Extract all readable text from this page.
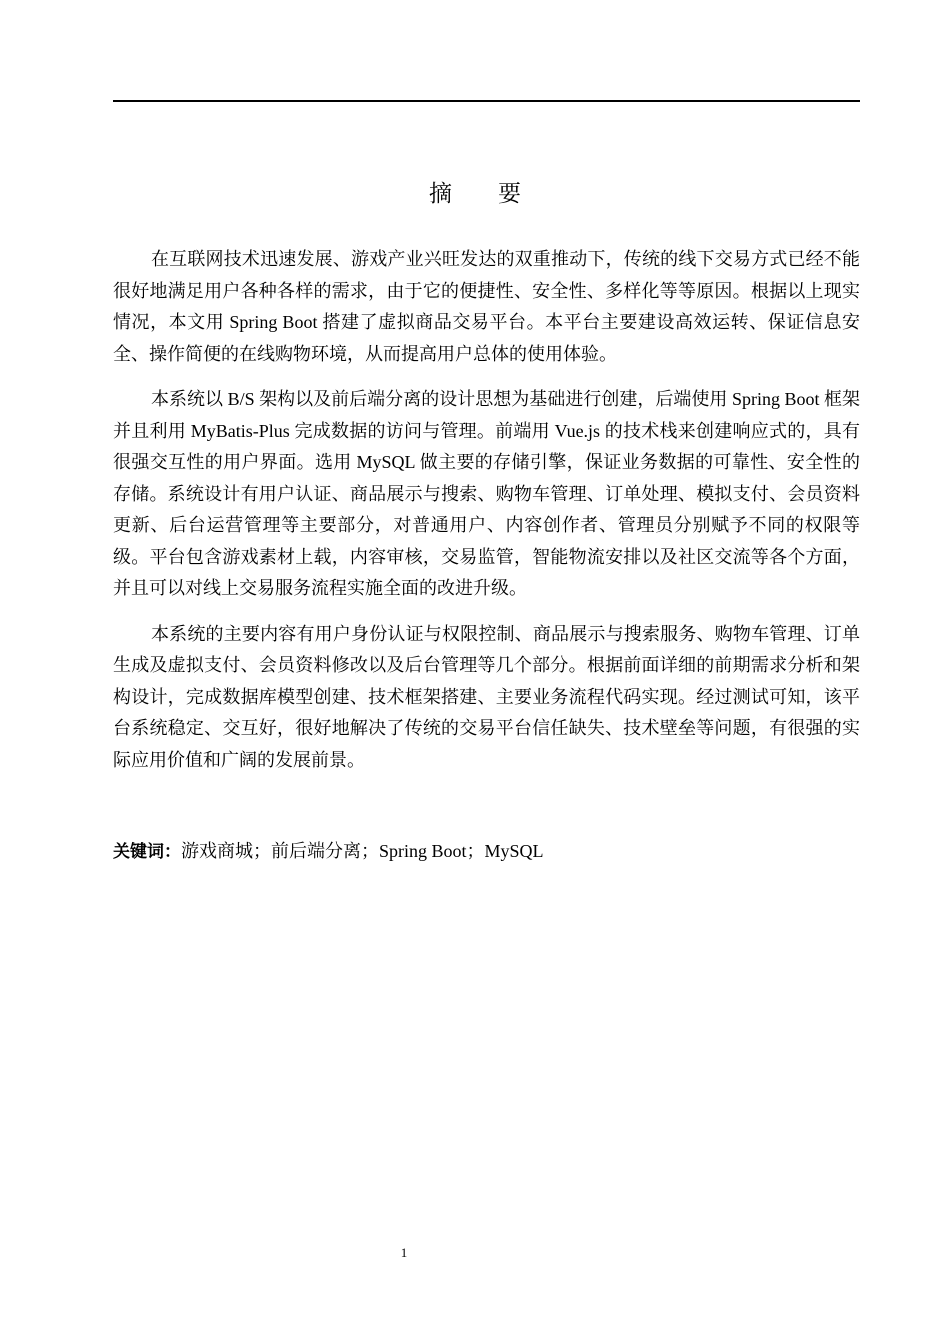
摘 要

在互联网技术迅速发展、游戏产业兴旺发达的双重推动下，传统的线下交易方式已经不能很好地满足用户各种各样的需求，由于它的便捷性、安全性、多样化等等原因。根据以上现实情况，本文用 Spring Boot 搭建了虚拟商品交易平台。本平台主要建设高效运转、保证信息安全、操作简便的在线购物环境，从而提高用户总体的使用体验。

本系统以 B/S 架构以及前后端分离的设计思想为基础进行创建，后端使用 Spring Boot 框架并且利用 MyBatis-Plus 完成数据的访问与管理。前端用 Vue.js 的技术栈来创建响应式的，具有很强交互性的用户界面。选用 MySQL 做主要的存储引擎，保证业务数据的可靠性、安全性的存储。系统设计有用户认证、商品展示与搜索、购物车管理、订单处理、模拟支付、会员资料更新、后台运营管理等主要部分，对普通用户、内容创作者、管理员分别赋予不同的权限等级。平台包含游戏素材上载，内容审核，交易监管，智能物流安排以及社区交流等各个方面，并且可以对线上交易服务流程实施全面的改进升级。

本系统的主要内容有用户身份认证与权限控制、商品展示与搜索服务、购物车管理、订单生成及虚拟支付、会员资料修改以及后台管理等几个部分。根据前面详细的前期需求分析和架构设计，完成数据库模型创建、技术框架搭建、主要业务流程代码实现。经过测试可知，该平台系统稳定、交互好，很好地解决了传统的交易平台信任缺失、技术壁垒等问题，有很强的实际应用价值和广阔的发展前景。

关键词：游戏商城；前后端分离；Spring Boot；MySQL
1
